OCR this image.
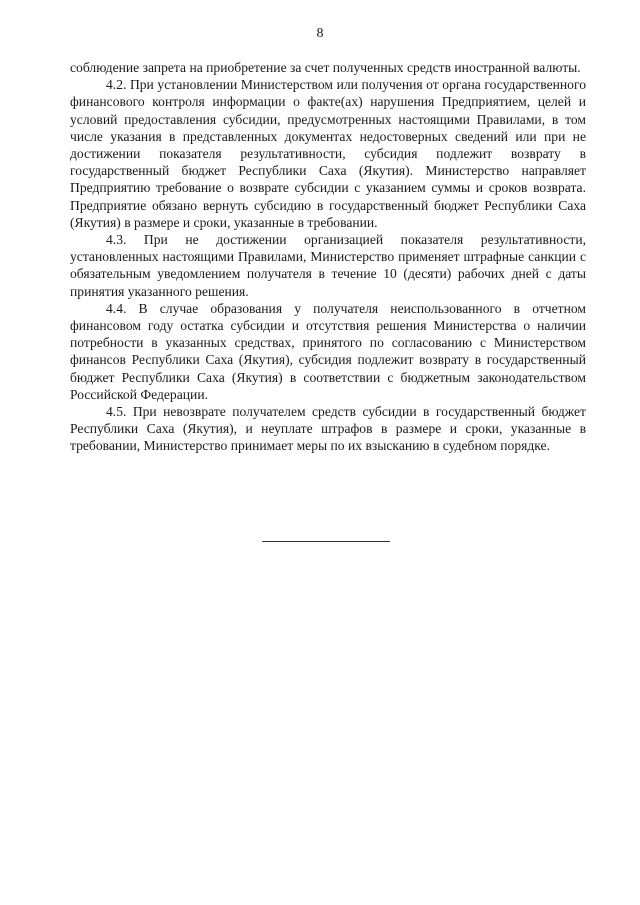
8

соблюдение запрета на приобретение за счет полученных средств иностранной валюты.

4.2. При установлении Министерством или получения от органа государственного финансового контроля информации о факте(ах) нарушения Предприятием, целей и условий предоставления субсидии, предусмотренных настоящими Правилами, в том числе указания в представленных документах недостоверных сведений или при не достижении показателя результативности, субсидия подлежит возврату в государственный бюджет Республики Саха (Якутия). Министерство направляет Предприятию требование о возврате субсидии с указанием суммы и сроков возврата. Предприятие обязано вернуть субсидию в государственный бюджет Республики Саха (Якутия) в размере и сроки, указанные в требовании.

4.3. При не достижении организацией показателя результативности, установленных настоящими Правилами, Министерство применяет штрафные санкции с обязательным уведомлением получателя в течение 10 (десяти) рабочих дней с даты принятия указанного решения.

4.4. В случае образования у получателя неиспользованного в отчетном финансовом году остатка субсидии и отсутствия решения Министерства о наличии потребности в указанных средствах, принятого по согласованию с Министерством финансов Республики Саха (Якутия), субсидия подлежит возврату в государственный бюджет Республики Саха (Якутия) в соответствии с бюджетным законодательством Российской Федерации.

4.5. При невозврате получателем средств субсидии в государственный бюджет Республики Саха (Якутия), и неуплате штрафов в размере и сроки, указанные в требовании, Министерство принимает меры по их взысканию в судебном порядке.
